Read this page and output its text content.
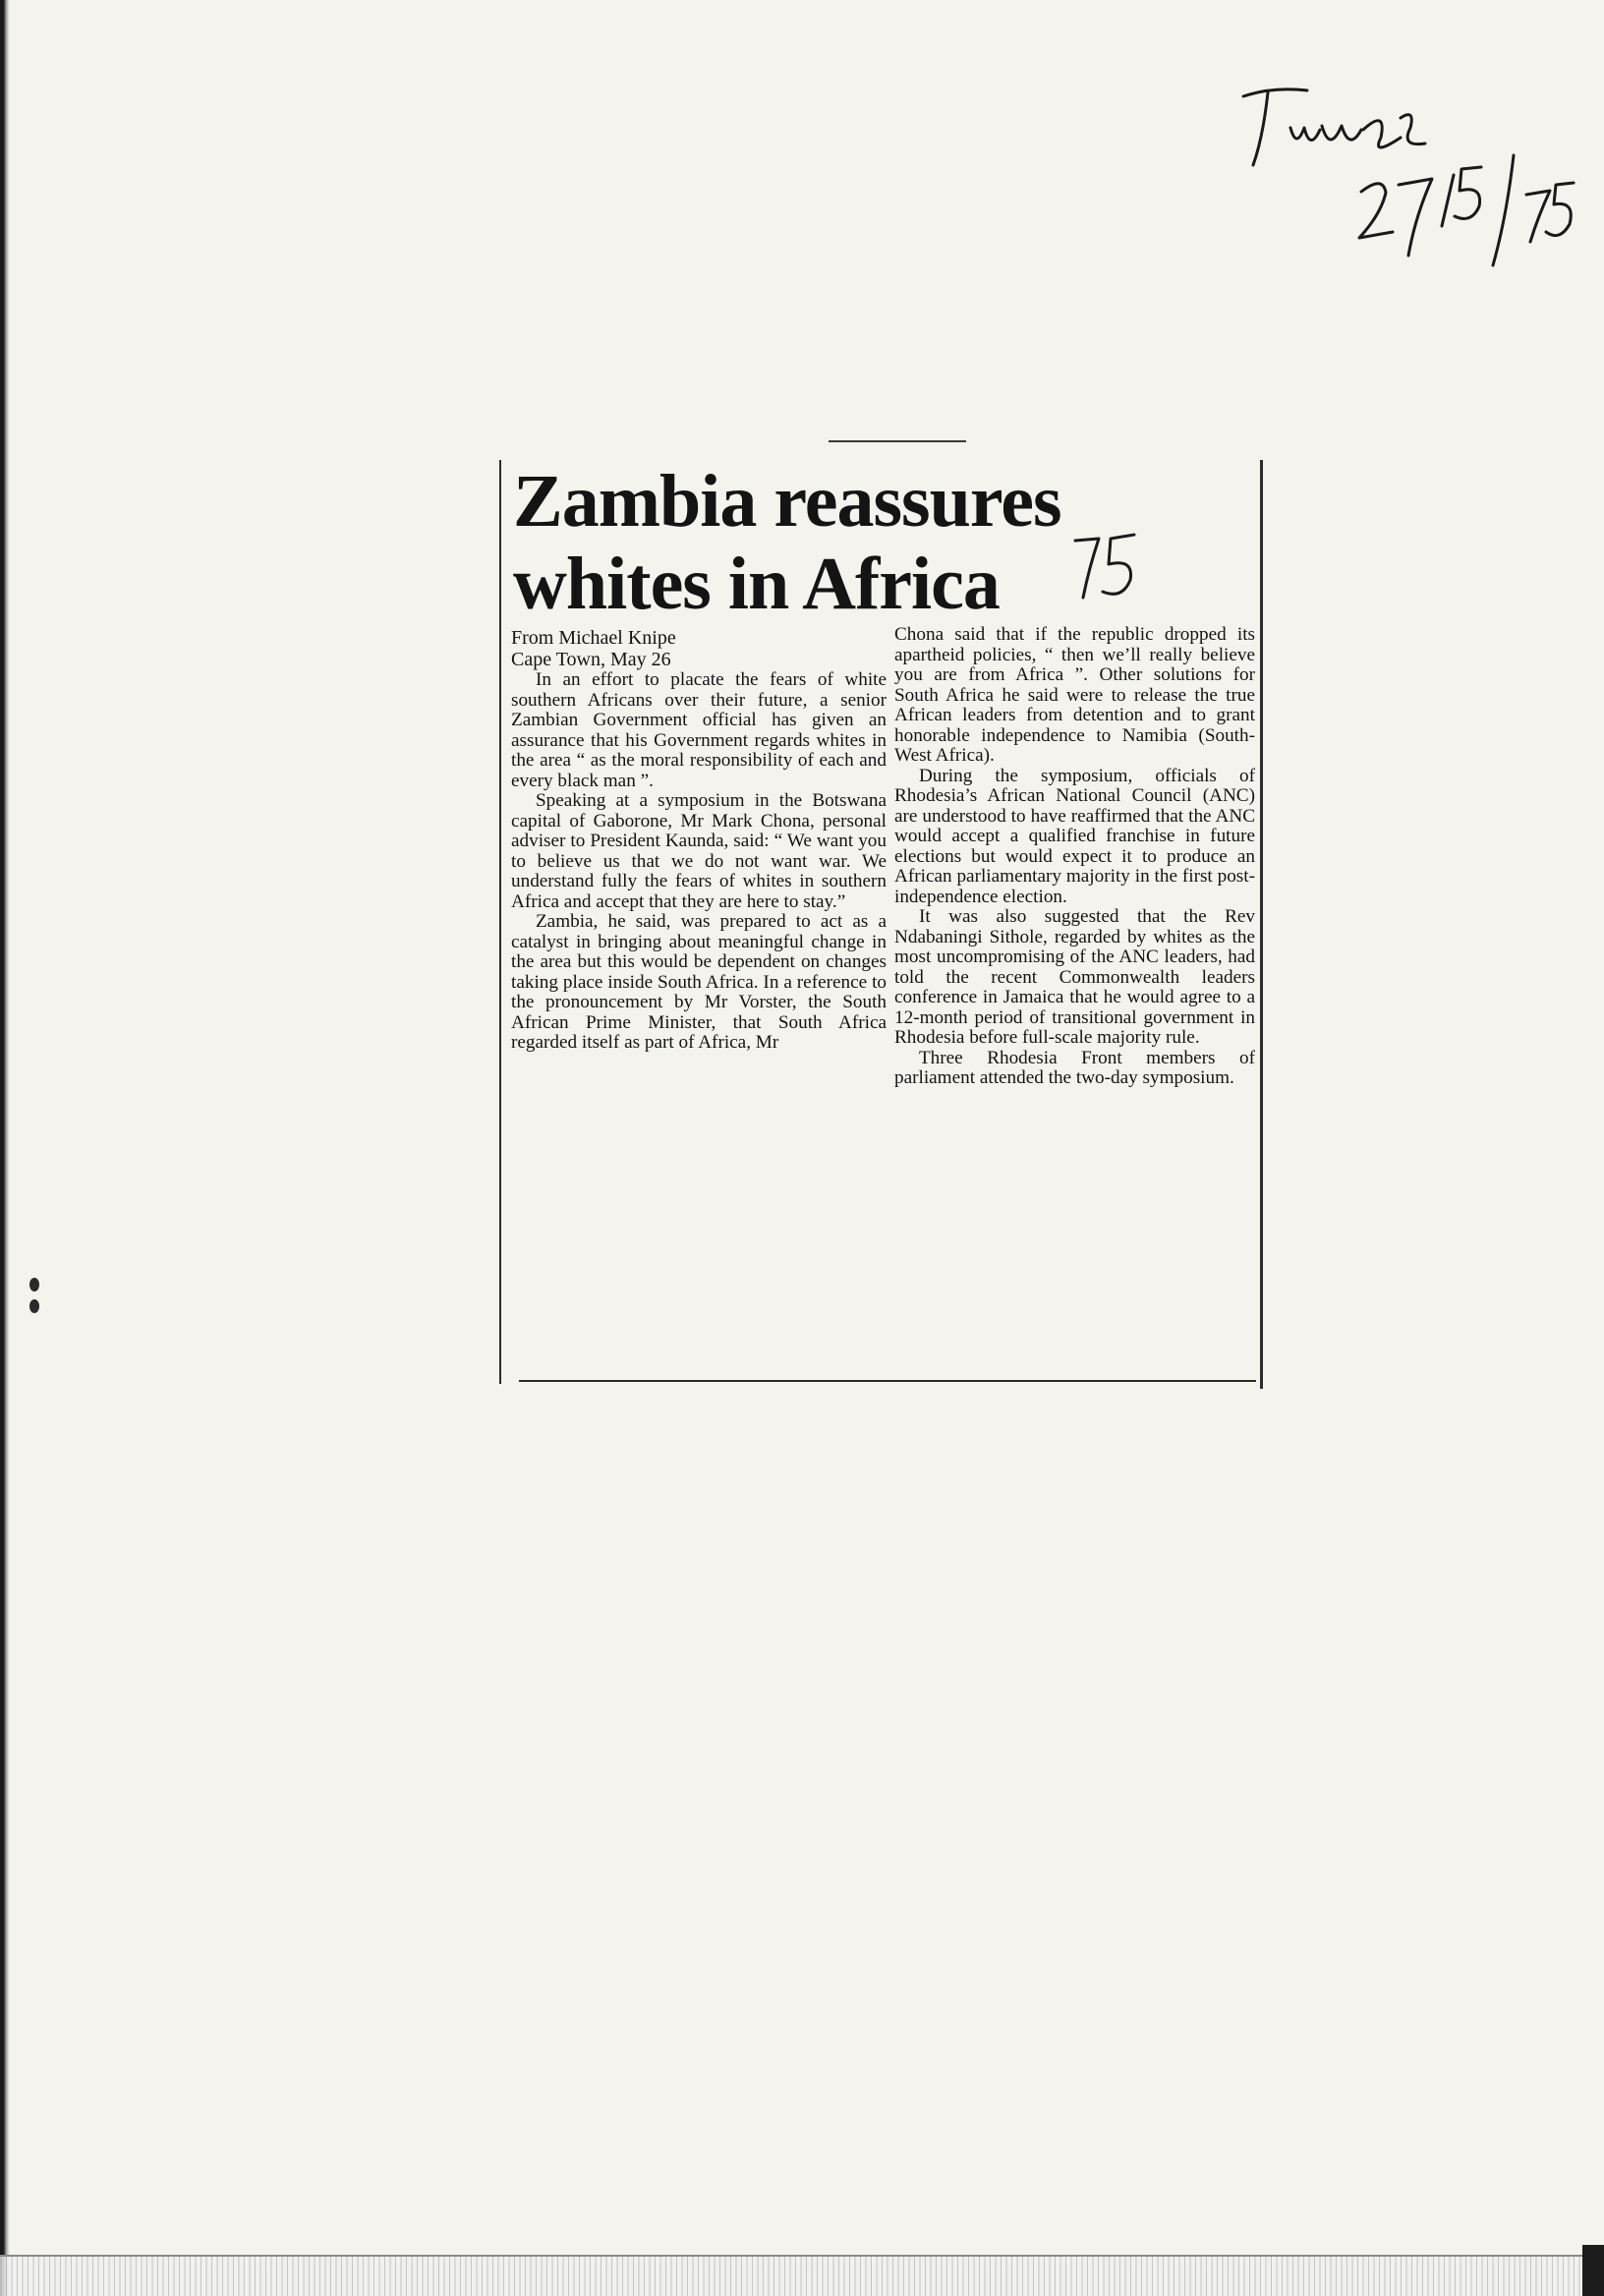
Zambia reassures
whites in Africa
From Michael Knipe
Cape Town, May 26

In an effort to placate the fears of white southern Africans over their future, a senior Zambian Government official has given an assurance that his Government regards whites in the area “ as the moral responsibility of each and every black man ”.

Speaking at a symposium in the Botswana capital of Gaborone, Mr Mark Chona, personal adviser to President Kaunda, said: “ We want you to believe us that we do not want war. We understand fully the fears of whites in southern Africa and accept that they are here to stay.”

Zambia, he said, was prepared to act as a catalyst in bringing about meaningful change in the area but this would be dependent on changes taking place inside South Africa. In a reference to the pronouncement by Mr Vorster, the South African Prime Minister, that South Africa regarded itself as part of Africa, Mr

Chona said that if the republic dropped its apartheid policies, “ then we’ll really believe you are from Africa ”. Other solutions for South Africa he said were to release the true African leaders from detention and to grant honorable independence to Namibia (South-West Africa).

During the symposium, officials of Rhodesia’s African National Council (ANC) are understood to have reaffirmed that the ANC would accept a qualified franchise in future elections but would expect it to produce an African parliamentary majority in the first post-independence election.

It was also suggested that the Rev Ndabaningi Sithole, regarded by whites as the most uncompromising of the ANC leaders, had told the recent Commonwealth leaders conference in Jamaica that he would agree to a 12-month period of transitional government in Rhodesia before full-scale majority rule.

Three Rhodesia Front members of parliament attended the two-day symposium.
